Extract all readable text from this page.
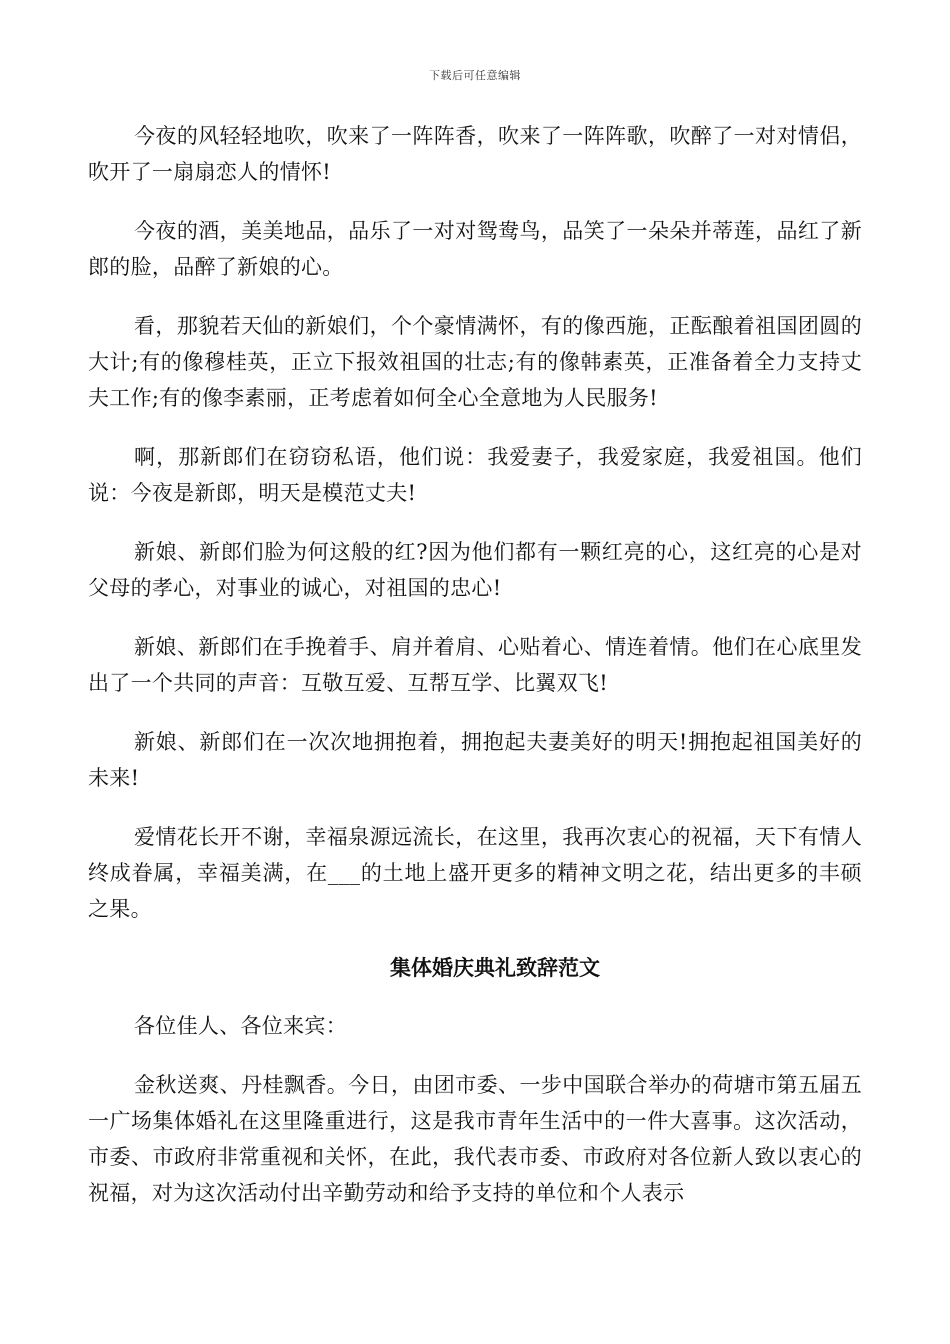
下载后可任意编辑

今夜的风轻轻地吹，吹来了一阵阵香，吹来了一阵阵歌，吹醉了一对对情侣，吹开了一扇扇恋人的情怀!

今夜的酒，美美地品，品乐了一对对鸳鸯鸟，品笑了一朵朵并蒂莲，品红了新郎的脸，品醉了新娘的心。

看，那貌若天仙的新娘们，个个豪情满怀，有的像西施，正酝酿着祖国团圆的大计;有的像穆桂英，正立下报效祖国的壮志;有的像韩素英，正准备着全力支持丈夫工作;有的像李素丽，正考虑着如何全心全意地为人民服务!

啊，那新郎们在窃窃私语，他们说：我爱妻子，我爱家庭，我爱祖国。他们说：今夜是新郎，明天是模范丈夫!

新娘、新郎们脸为何这般的红?因为他们都有一颗红亮的心，这红亮的心是对父母的孝心，对事业的诚心，对祖国的忠心!

新娘、新郎们在手挽着手、肩并着肩、心贴着心、情连着情。他们在心底里发出了一个共同的声音：互敬互爱、互帮互学、比翼双飞!

新娘、新郎们在一次次地拥抱着，拥抱起夫妻美好的明天!拥抱起祖国美好的未来!

爱情花长开不谢，幸福泉源远流长，在这里，我再次衷心的祝福，天下有情人终成眷属，幸福美满，在___的土地上盛开更多的精神文明之花，结出更多的丰硕之果。

集体婚庆典礼致辞范文

各位佳人、各位来宾：

金秋送爽、丹桂飘香。今日，由团市委、一步中国联合举办的荷塘市第五届五一广场集体婚礼在这里隆重进行，这是我市青年生活中的一件大喜事。这次活动，市委、市政府非常重视和关怀，在此，我代表市委、市政府对各位新人致以衷心的祝福，对为这次活动付出辛勤劳动和给予支持的单位和个人表示
